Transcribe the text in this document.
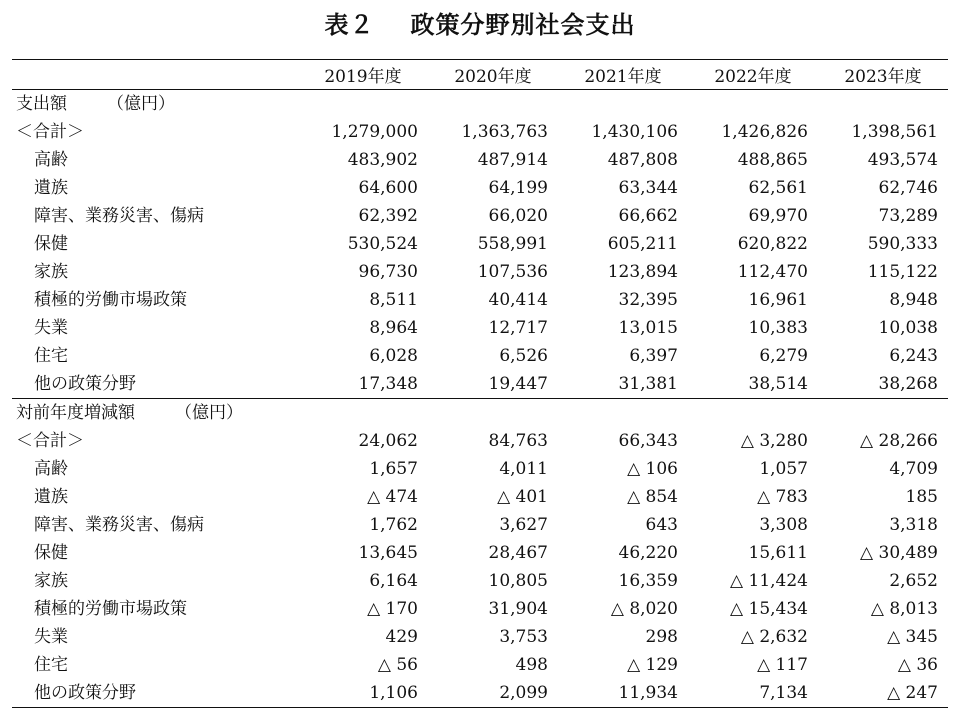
表２ 政策分野別社会支出
	2019年度	2020年度	2021年度	2022年度	2023年度
支出額 （億円）					
＜合計＞	1,279,000	1,363,763	1,430,106	1,426,826	1,398,561
高齢	483,902	487,914	487,808	488,865	493,574
遺族	64,600	64,199	63,344	62,561	62,746
障害、業務災害、傷病	62,392	66,020	66,662	69,970	73,289
保健	530,524	558,991	605,211	620,822	590,333
家族	96,730	107,536	123,894	112,470	115,122
積極的労働市場政策	8,511	40,414	32,395	16,961	8,948
失業	8,964	12,717	13,015	10,383	10,038
住宅	6,028	6,526	6,397	6,279	6,243
他の政策分野	17,348	19,447	31,381	38,514	38,268
対前年度増減額 （億円）					
＜合計＞	24,062	84,763	66,343	△ 3,280	△ 28,266
高齢	1,657	4,011	△ 106	1,057	4,709
遺族	△ 474	△ 401	△ 854	△ 783	185
障害、業務災害、傷病	1,762	3,627	643	3,308	3,318
保健	13,645	28,467	46,220	15,611	△ 30,489
家族	6,164	10,805	16,359	△ 11,424	2,652
積極的労働市場政策	△ 170	31,904	△ 8,020	△ 15,434	△ 8,013
失業	429	3,753	298	△ 2,632	△ 345
住宅	△ 56	498	△ 129	△ 117	△ 36
他の政策分野	1,106	2,099	11,934	7,134	△ 247
